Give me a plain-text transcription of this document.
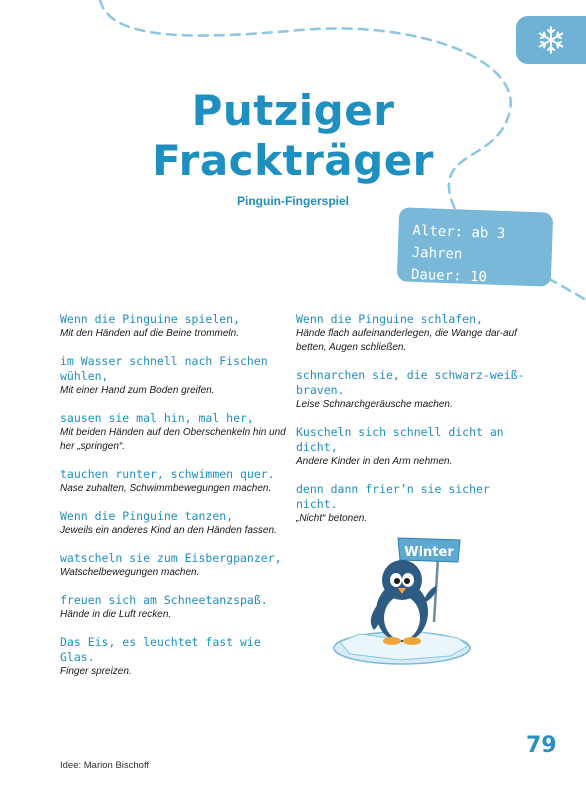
Putziger
Frackträger
Pinguin-Fingerspiel
Alter: ab 3 Jahren
Dauer: 10 Minuten
Wenn die Pinguine spielen,
Mit den Händen auf die Beine trommeln.
im Wasser schnell nach Fischen wühlen,
Mit einer Hand zum Boden greifen.
sausen sie mal hin, mal her,
Mit beiden Händen auf den Oberschenkeln hin und her „springen“.
tauchen runter, schwimmen quer.
Nase zuhalten, Schwimmbewegungen machen.
Wenn die Pinguine tanzen,
Jeweils ein anderes Kind an den Händen fassen.
watscheln sie zum Eisbergpanzer,
Watschelbewegungen machen.
freuen sich am Schneetanzspaß.
Hände in die Luft recken.
Das Eis, es leuchtet fast wie Glas.
Finger spreizen.
Wenn die Pinguine schlafen,
Hände flach aufeinanderlegen, die Wange dar-auf betten, Augen schließen.
schnarchen sie, die schwarz-weiß-braven.
Leise Schnarchgeräusche machen.
Kuscheln sich schnell dicht an dicht,
Andere Kinder in den Arm nehmen.
denn dann frier’n sie sicher nicht.
„Nicht“ betonen.
Winter
79
Idee: Marion Bischoff
